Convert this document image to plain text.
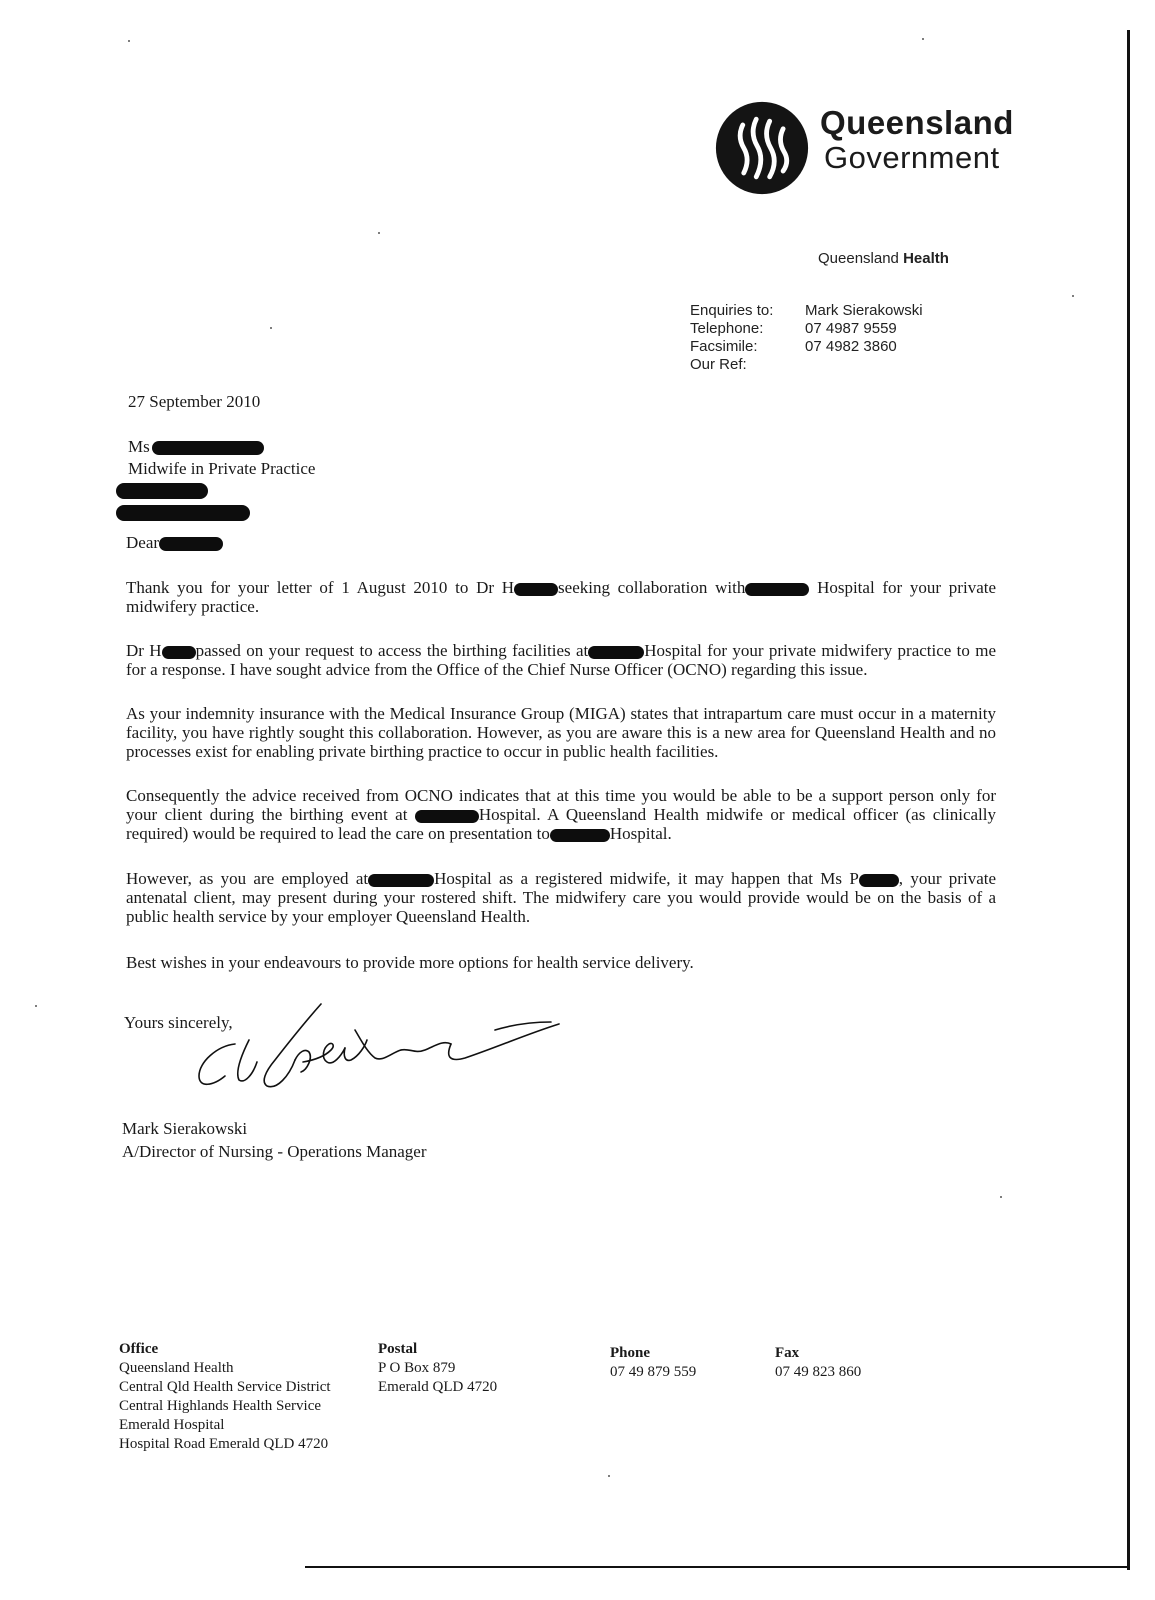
Queensland
Government
Queensland Health
Enquiries to:	Mark Sierakowski
Telephone:	07 4987 9559
Facsimile:	07 4982 3860
Our Ref:
27 September 2010
Ms
Midwife in Private Practice
Dear

Thank you for your letter of 1 August 2010 to Dr H	seeking collaboration with	Hospital for your private midwifery practice.

Dr H passed on your request to access the birthing facilities at	Hospital for your private midwifery practice to me for a response. I have sought advice from the Office of the Chief Nurse Officer (OCNO) regarding this issue.

As your indemnity insurance with the Medical Insurance Group (MIGA) states that intrapartum care must occur in a maternity facility, you have rightly sought this collaboration. However, as you are aware this is a new area for Queensland Health and no processes exist for enabling private birthing practice to occur in public health facilities.

Consequently the advice received from OCNO indicates that at this time you would be able to be a support person only for your client during the birthing event at	Hospital. A Queensland Health midwife or medical officer (as clinically required) would be required to lead the care on presentation to	Hospital.

However, as you are employed at	Hospital as a registered midwife, it may happen that Ms P , your private antenatal client, may present during your rostered shift. The midwifery care you would provide would be on the basis of a public health service by your employer Queensland Health.

Best wishes in your endeavours to provide more options for health service delivery.

Yours sincerely,
Mark Sierakowski
A/Director of Nursing - Operations Manager
Office
Queensland Health
Central Qld Health Service District
Central Highlands Health Service
Emerald Hospital
Hospital Road Emerald QLD 4720
Postal
P O Box 879
Emerald QLD 4720
Phone
07 49 879 559
Fax
07 49 823 860
